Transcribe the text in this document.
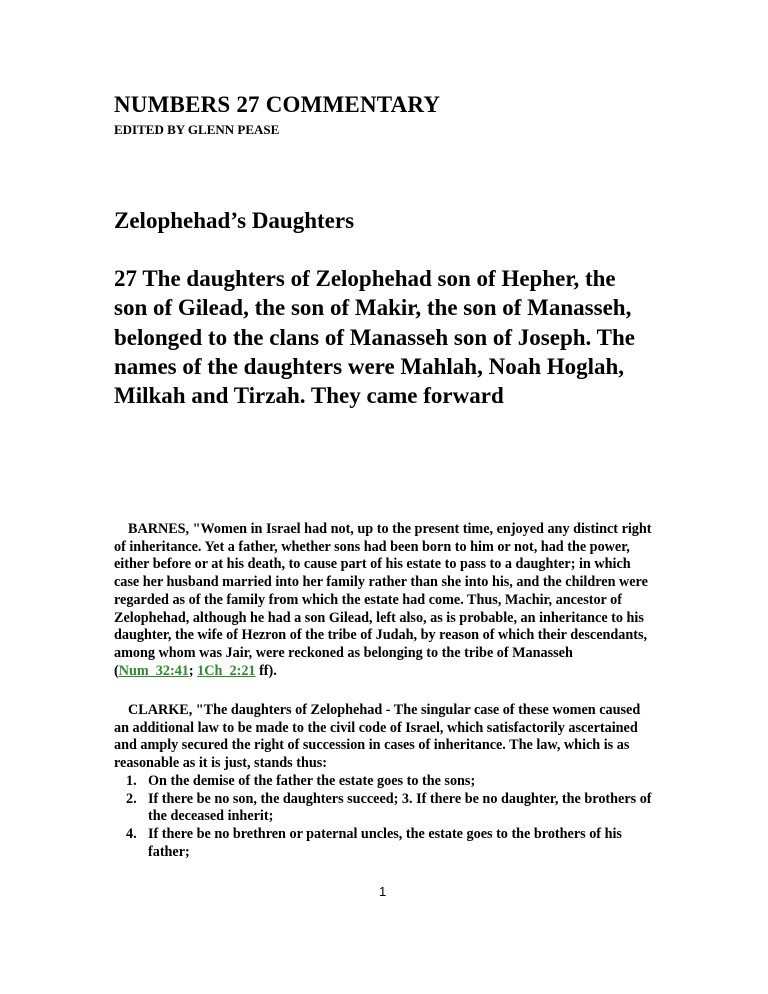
NUMBERS 27 COMMENTARY
EDITED BY GLENN PEASE
Zelophehad’s Daughters

27 The daughters of Zelophehad son of Hepher, the son of Gilead, the son of Makir, the son of Manasseh, belonged to the clans of Manasseh son of Joseph. The names of the daughters were Mahlah, Noah Hoglah, Milkah and Tirzah. They came forward

BARNES, "Women in Israel had not, up to the present time, enjoyed any distinct right of inheritance. Yet a father, whether sons had been born to him or not, had the power, either before or at his death, to cause part of his estate to pass to a daughter; in which case her husband married into her family rather than she into his, and the children were regarded as of the family from which the estate had come. Thus, Machir, ancestor of Zelophehad, although he had a son Gilead, left also, as is probable, an inheritance to his daughter, the wife of Hezron of the tribe of Judah, by reason of which their descendants, among whom was Jair, were reckoned as belonging to the tribe of Manasseh (Num_32:41; 1Ch_2:21 ff).

CLARKE, "The daughters of Zelophehad - The singular case of these women caused an additional law to be made to the civil code of Israel, which satisfactorily ascertained and amply secured the right of succession in cases of inheritance. The law, which is as reasonable as it is just, stands thus:

1. On the demise of the father the estate goes to the sons;
2. If there be no son, the daughters succeed; 3. If there be no daughter, the brothers of the deceased inherit;
4. If there be no brethren or paternal uncles, the estate goes to the brothers of his father;
1
